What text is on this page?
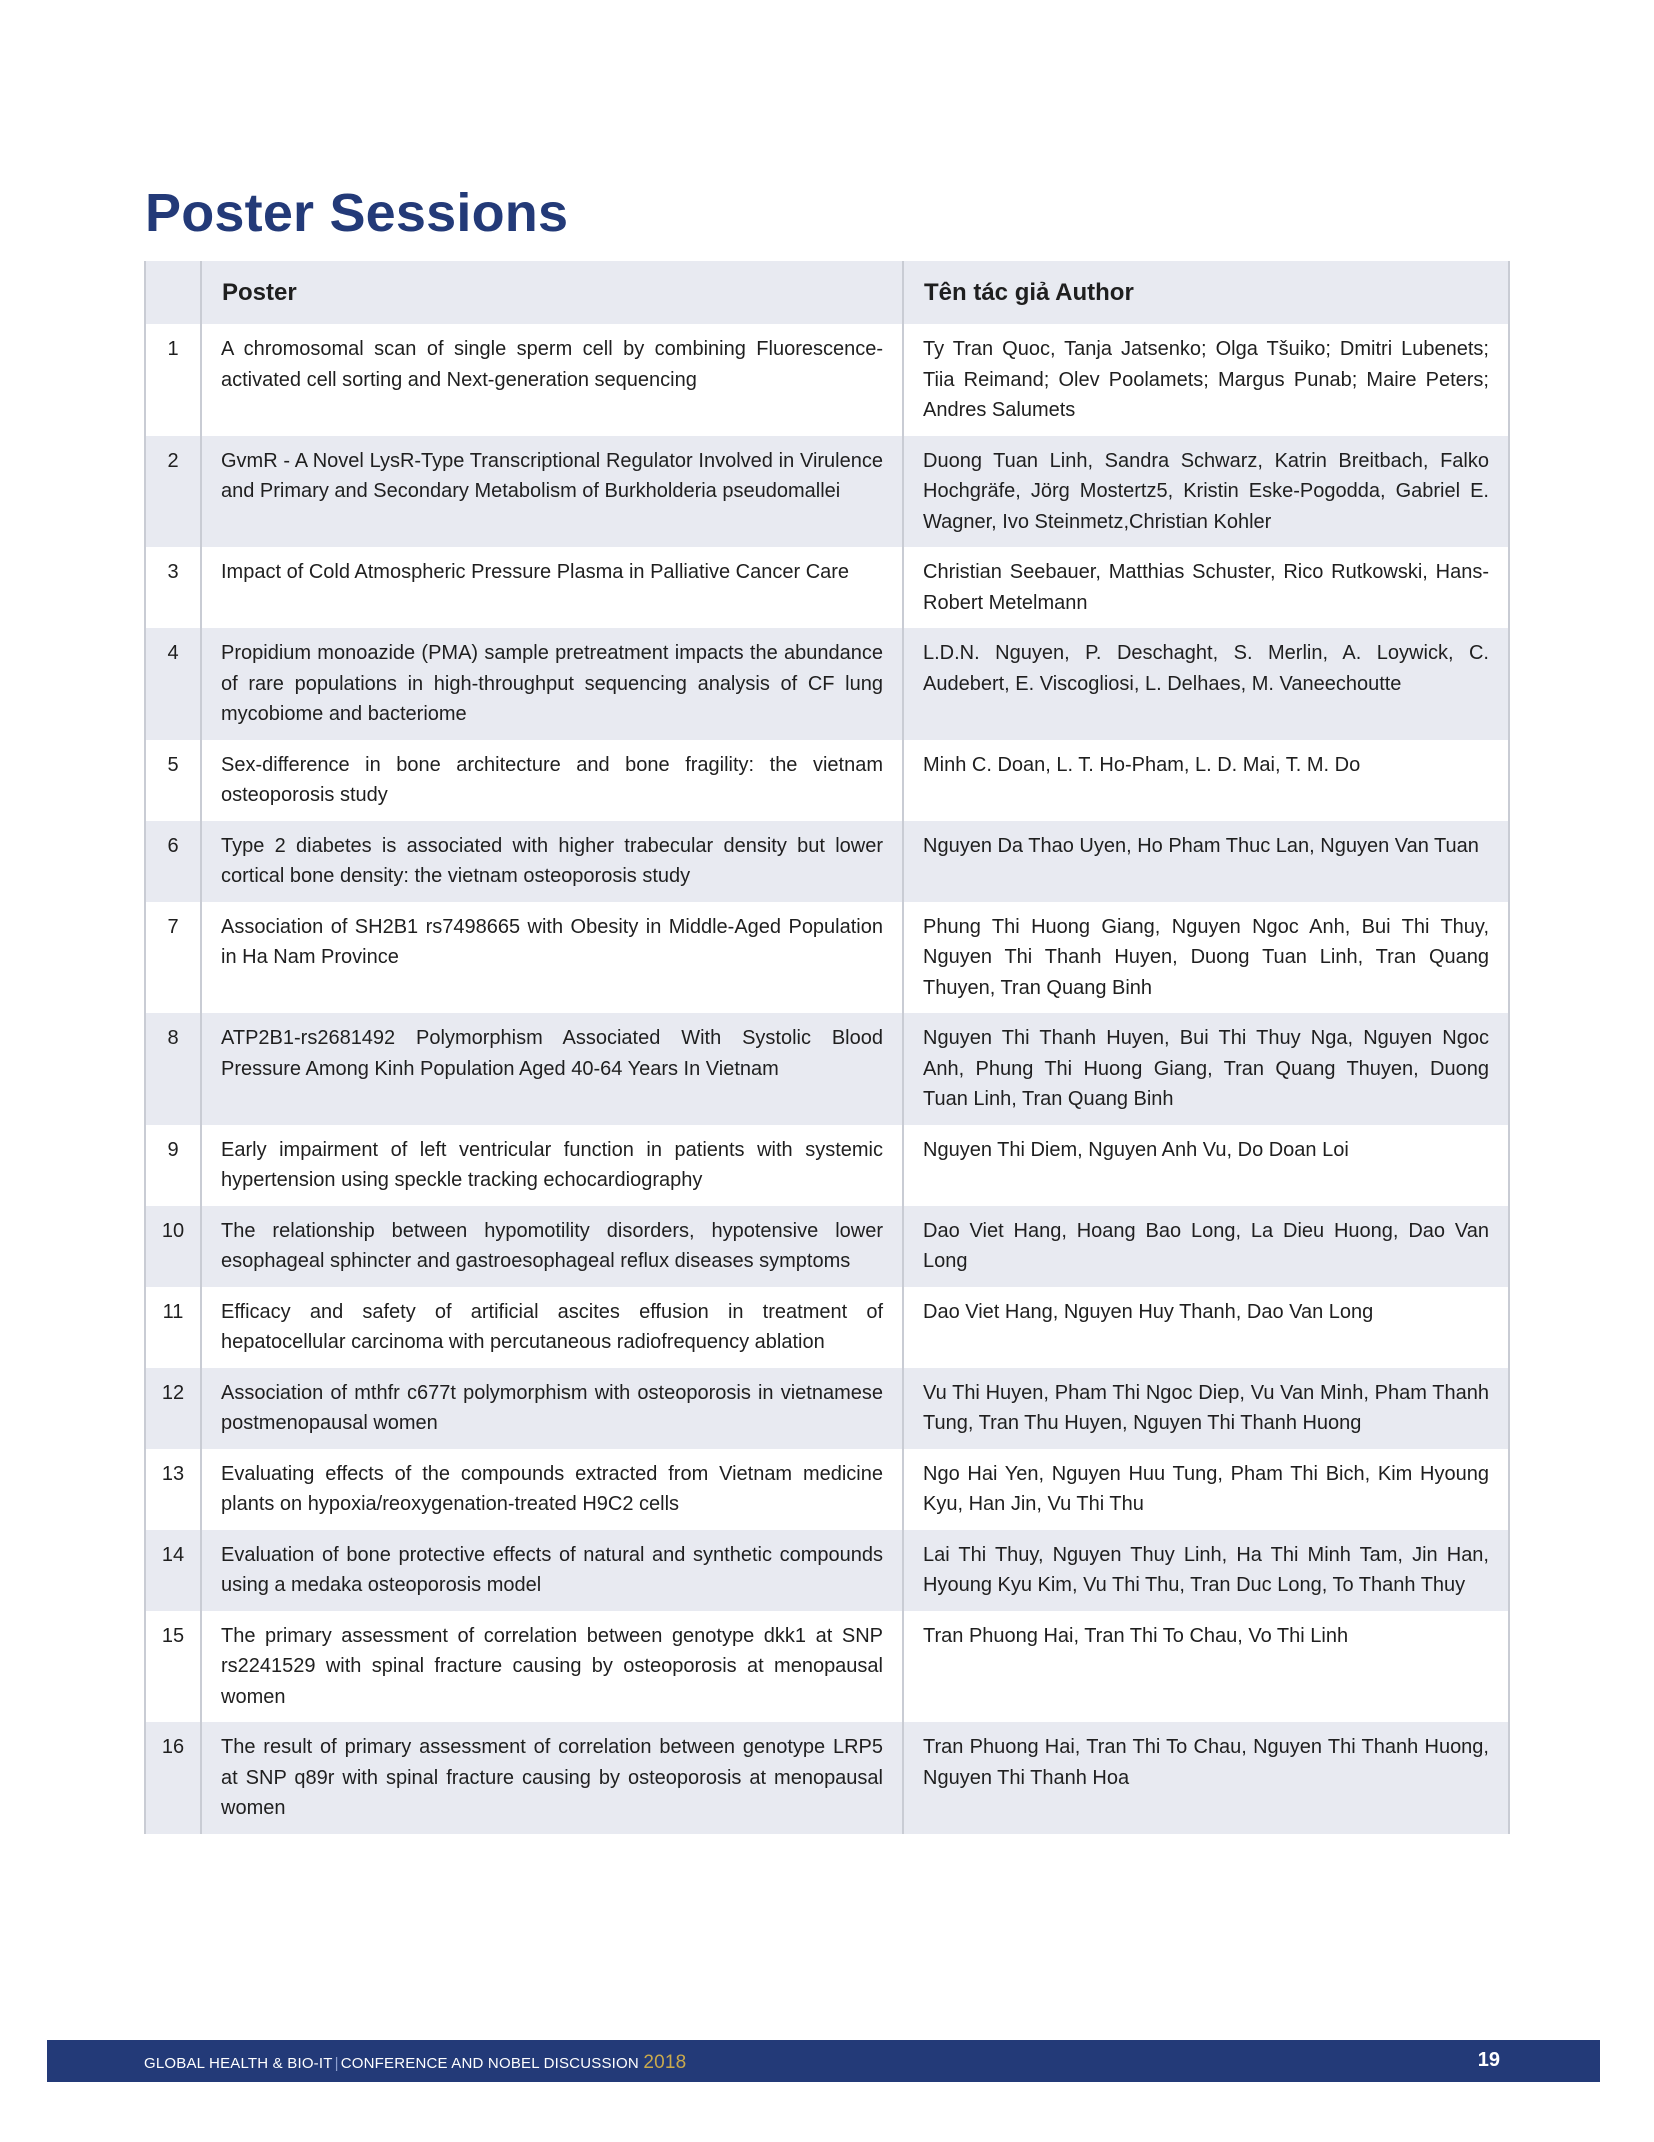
Poster Sessions
	Poster	Tên tác giả Author
1	A chromosomal scan of single sperm cell by combining Fluorescence-activated cell sorting and Next-generation sequencing	Ty Tran Quoc, Tanja Jatsenko; Olga Tšuiko; Dmitri Lubenets; Tiia Reimand; Olev Poolamets; Margus Punab; Maire Peters; Andres Salumets
2	GvmR - A Novel LysR-Type Transcriptional Regulator Involved in Virulence and Primary and Secondary Metabolism of Burkholderia pseudomallei	Duong Tuan Linh, Sandra Schwarz, Katrin Breitbach, Falko Hochgräfe, Jörg Mostertz5, Kristin Eske-Pogodda, Gabriel E. Wagner, Ivo Steinmetz,Christian Kohler
3	Impact of Cold Atmospheric Pressure Plasma in Palliative Cancer Care	Christian Seebauer, Matthias Schuster, Rico Rutkowski, Hans-Robert Metelmann
4	Propidium monoazide (PMA) sample pretreatment impacts the abundance of rare populations in high-throughput sequencing analysis of CF lung mycobiome and bacteriome	L.D.N. Nguyen, P. Deschaght, S. Merlin, A. Loywick, C. Audebert, E. Viscogliosi, L. Delhaes, M. Vaneechoutte
5	Sex-difference in bone architecture and bone fragility: the vietnam osteoporosis study	Minh C. Doan, L. T. Ho-Pham, L. D. Mai, T. M. Do
6	Type 2 diabetes is associated with higher trabecular density but lower cortical bone density: the vietnam osteoporosis study	Nguyen Da Thao Uyen, Ho Pham Thuc Lan, Nguyen Van Tuan
7	Association of SH2B1 rs7498665 with Obesity in Middle-Aged Population in Ha Nam Province	Phung Thi Huong Giang, Nguyen Ngoc Anh, Bui Thi Thuy, Nguyen Thi Thanh Huyen, Duong Tuan Linh, Tran Quang Thuyen, Tran Quang Binh
8	ATP2B1-rs2681492 Polymorphism Associated With Systolic Blood Pressure Among Kinh Population Aged 40-64 Years In Vietnam	Nguyen Thi Thanh Huyen, Bui Thi Thuy Nga, Nguyen Ngoc Anh, Phung Thi Huong Giang, Tran Quang Thuyen, Duong Tuan Linh, Tran Quang Binh
9	Early impairment of left ventricular function in patients with systemic hypertension using speckle tracking echocardiography	Nguyen Thi Diem, Nguyen Anh Vu, Do Doan Loi
10	The relationship between hypomotility disorders, hypotensive lower esophageal sphincter and gastroesophageal reflux diseases symptoms	Dao Viet Hang, Hoang Bao Long, La Dieu Huong, Dao Van Long
11	Efficacy and safety of artificial ascites effusion in treatment of hepatocellular carcinoma with percutaneous radiofrequency ablation	Dao Viet Hang, Nguyen Huy Thanh, Dao Van Long
12	Association of mthfr c677t polymorphism with osteoporosis in vietnamese postmenopausal women	Vu Thi Huyen, Pham Thi Ngoc Diep, Vu Van Minh, Pham Thanh Tung, Tran Thu Huyen, Nguyen Thi Thanh Huong
13	Evaluating effects of the compounds extracted from Vietnam medicine plants on hypoxia/reoxygenation-treated H9C2 cells	Ngo Hai Yen, Nguyen Huu Tung, Pham Thi Bich, Kim Hyoung Kyu, Han Jin, Vu Thi Thu
14	Evaluation of bone protective effects of natural and synthetic compounds using a medaka osteoporosis model	Lai Thi Thuy, Nguyen Thuy Linh, Ha Thi Minh Tam, Jin Han, Hyoung Kyu Kim, Vu Thi Thu, Tran Duc Long, To Thanh Thuy
15	The primary assessment of correlation between genotype dkk1 at SNP rs2241529 with spinal fracture causing by osteoporosis at menopausal women	Tran Phuong Hai, Tran Thi To Chau, Vo Thi Linh
16	The result of primary assessment of correlation between genotype LRP5 at SNP q89r with spinal fracture causing by osteoporosis at menopausal women	Tran Phuong Hai, Tran Thi To Chau, Nguyen Thi Thanh Huong, Nguyen Thi Thanh Hoa
GLOBAL HEALTH & BIO-IT | CONFERENCE AND NOBEL DISCUSSION 2018	19
